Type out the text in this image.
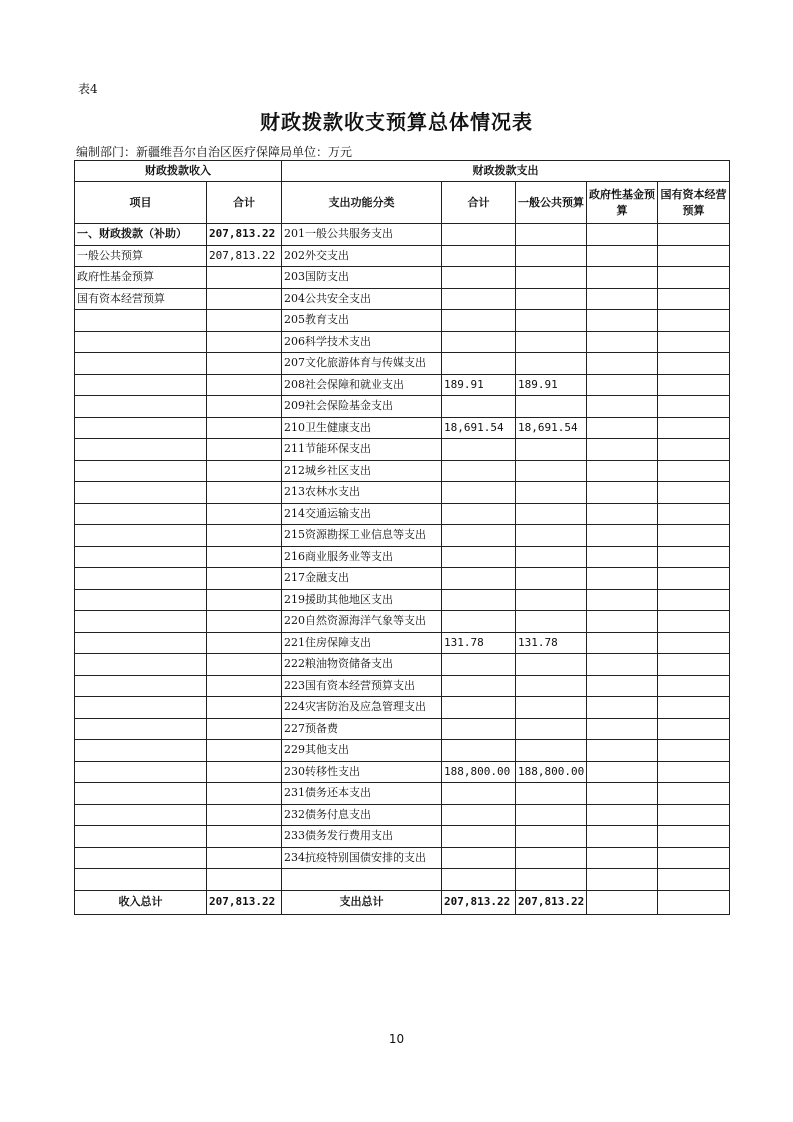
表4
财政拨款收支预算总体情况表
编制部门：新疆维吾尔自治区医疗保障局单位：万元
财政拨款收入		财政拨款支出				
项目	合计	支出功能分类	合计	一般公共预算	政府性基金预算	国有资本经营预算
一、财政拨款（补助）	207,813.22	201一般公共服务支出				
一般公共预算	207,813.22	202外交支出				
政府性基金预算		203国防支出				
国有资本经营预算		204公共安全支出				
		205教育支出				
		206科学技术支出				
		207文化旅游体育与传媒支出				
		208社会保障和就业支出	189.91	189.91		
		209社会保险基金支出				
		210卫生健康支出	18,691.54	18,691.54		
		211节能环保支出				
		212城乡社区支出				
		213农林水支出				
		214交通运输支出				
		215资源勘探工业信息等支出				
		216商业服务业等支出				
		217金融支出				
		219援助其他地区支出				
		220自然资源海洋气象等支出				
		221住房保障支出	131.78	131.78		
		222粮油物资储备支出				
		223国有资本经营预算支出				
		224灾害防治及应急管理支出				
		227预备费				
		229其他支出				
		230转移性支出	188,800.00	188,800.00		
		231债务还本支出				
		232债务付息支出				
		233债务发行费用支出				
		234抗疫特别国债安排的支出				

收入总计	207,813.22	支出总计	207,813.22	207,813.22		
10
